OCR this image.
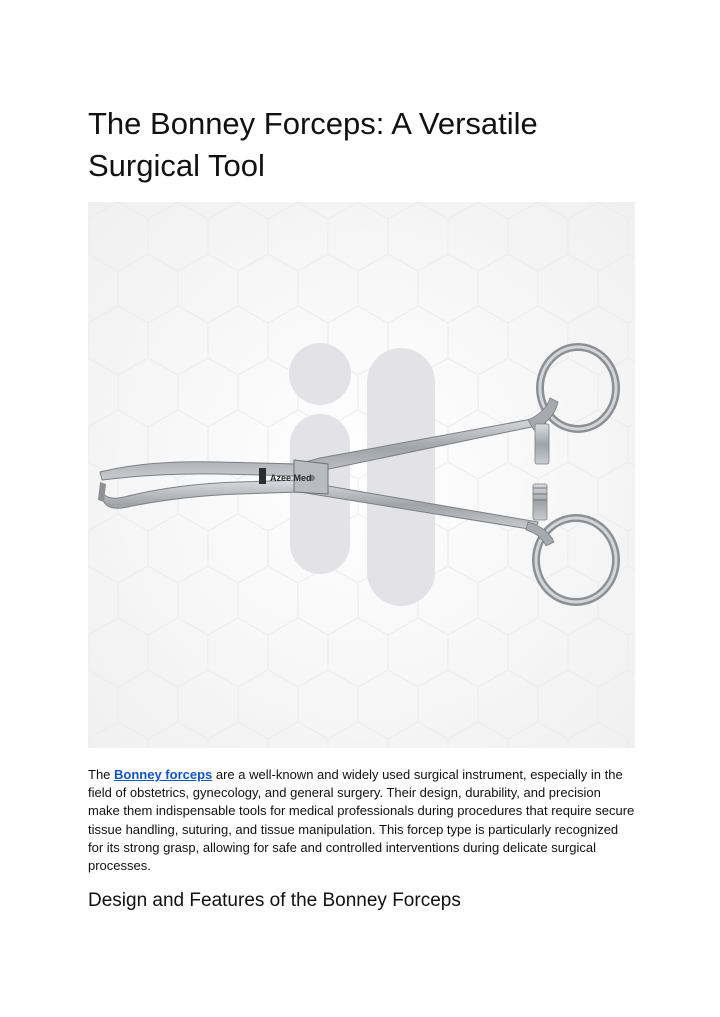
The Bonney Forceps: A Versatile Surgical Tool
Azee Med

The Bonney forceps are a well-known and widely used surgical instrument, especially in the field of obstetrics, gynecology, and general surgery. Their design, durability, and precision make them indispensable tools for medical professionals during procedures that require secure tissue handling, suturing, and tissue manipulation. This forcep type is particularly recognized for its strong grasp, allowing for safe and controlled interventions during delicate surgical processes.

Design and Features of the Bonney Forceps
